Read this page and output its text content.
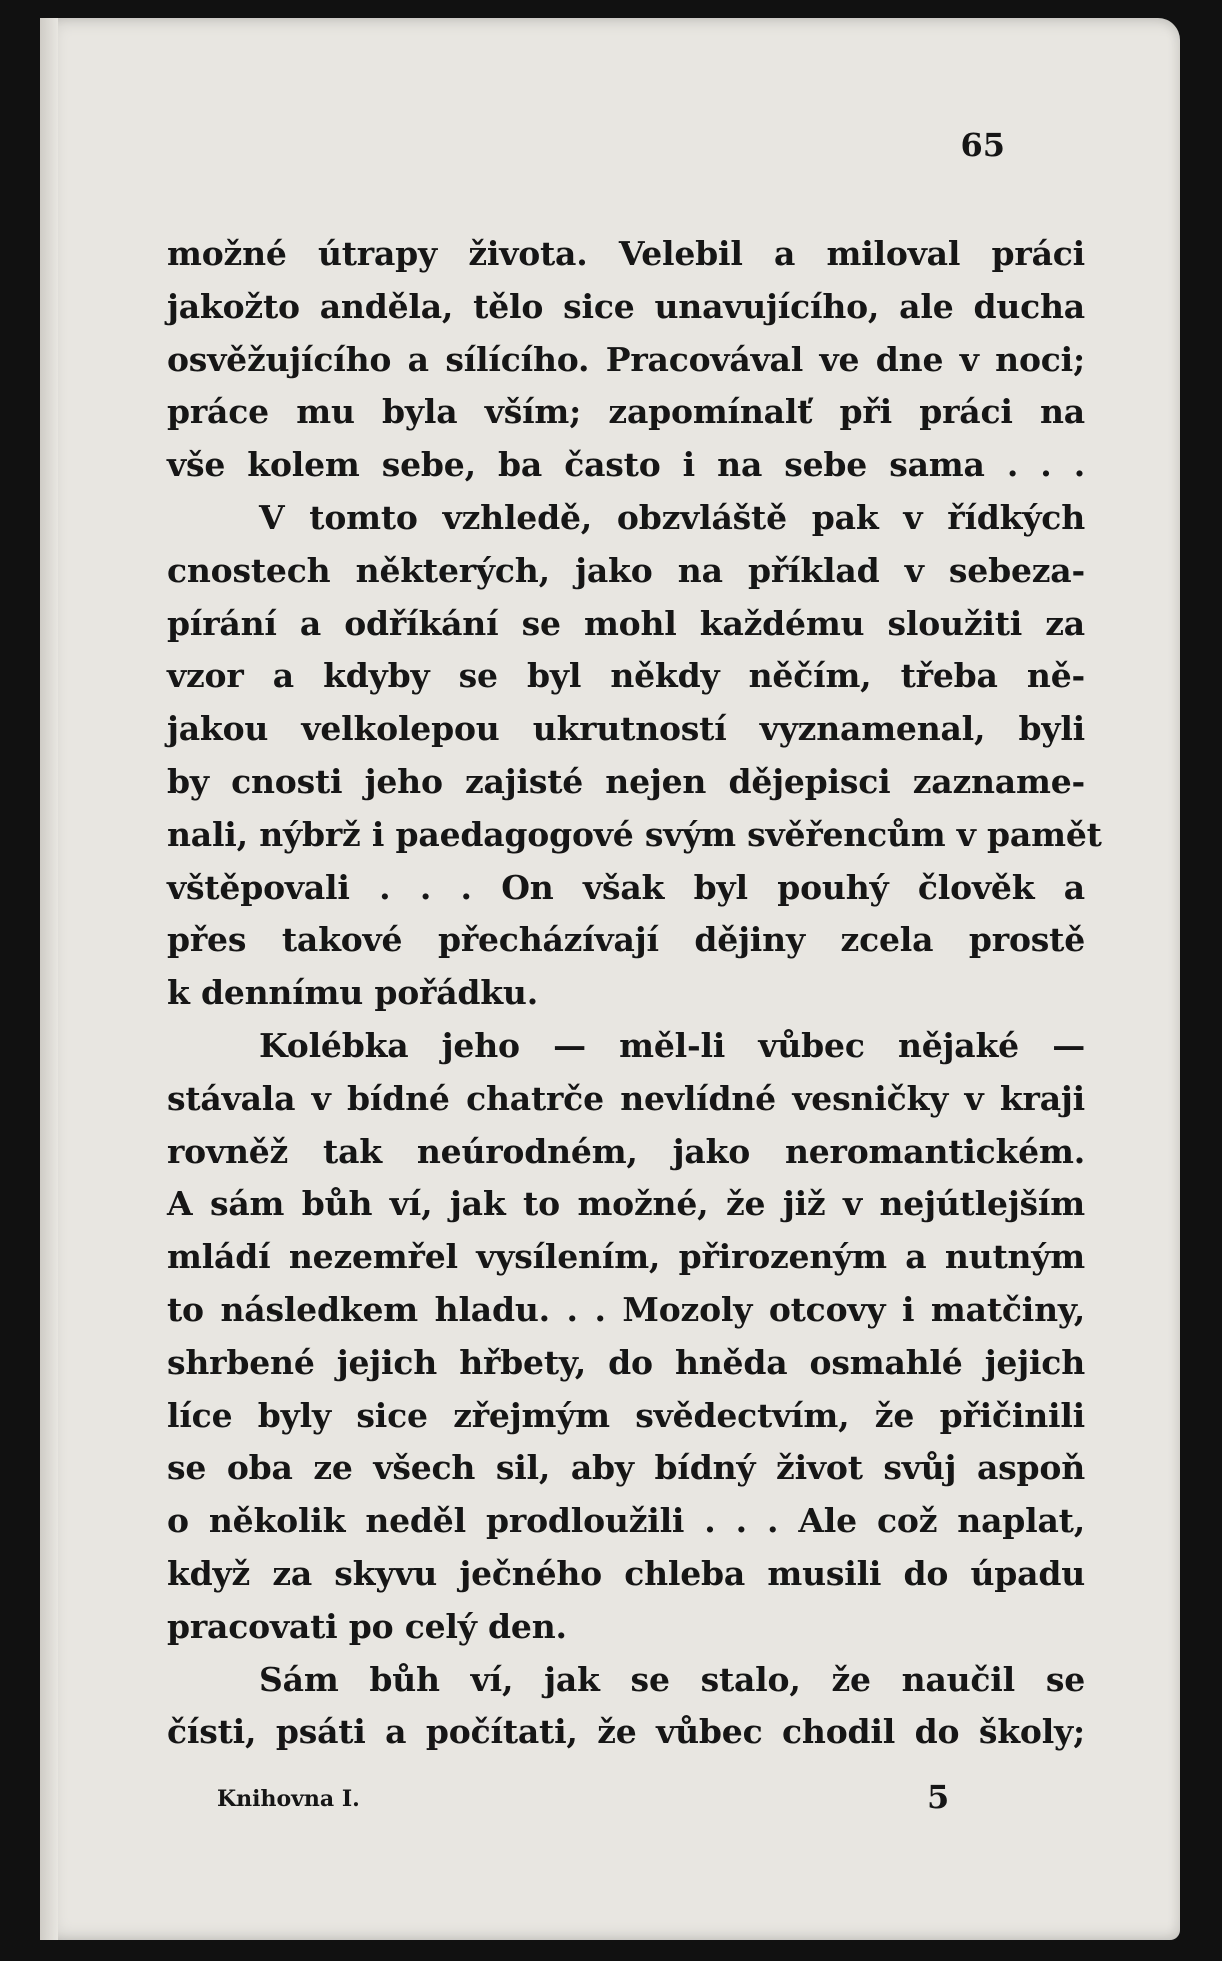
65

možné útrapy života. Velebil a miloval práci
jakožto anděla, tělo sice unavujícího, ale ducha
osvěžujícího a sílícího. Pracovával ve dne v noci;
práce mu byla vším; zapomínalť při práci na
vše kolem sebe, ba často i na sebe sama . . .
V tomto vzhledě, obzvláště pak v řídkých
cnostech některých, jako na příklad v sebeza-
pírání a odříkání se mohl každému sloužiti za
vzor a kdyby se byl někdy něčím, třeba ně-
jakou velkolepou ukrutností vyznamenal, byli
by cnosti jeho zajisté nejen dějepisci zazname-
nali, nýbrž i paedagogové svým svěřencům v pamět
vštěpovali . . . On však byl pouhý člověk a
přes takové přecházívají dějiny zcela prostě
k dennímu pořádku.
Kolébka jeho — měl-li vůbec nějaké —
stávala v bídné chatrče nevlídné vesničky v kraji
rovněž tak neúrodném, jako neromantickém.
A sám bůh ví, jak to možné, že již v nejútlejším
mládí nezemřel vysílením, přirozeným a nutným
to následkem hladu. . . Mozoly otcovy i matčiny,
shrbené jejich hřbety, do hněda osmahlé jejich
líce byly sice zřejmým svědectvím, že přičinili
se oba ze všech sil, aby bídný život svůj aspoň
o několik neděl prodloužili . . . Ale což naplat,
když za skyvu ječného chleba musili do úpadu
pracovati po celý den.
Sám bůh ví, jak se stalo, že naučil se
čísti, psáti a počítati, že vůbec chodil do školy;
Knihovna I.	5
